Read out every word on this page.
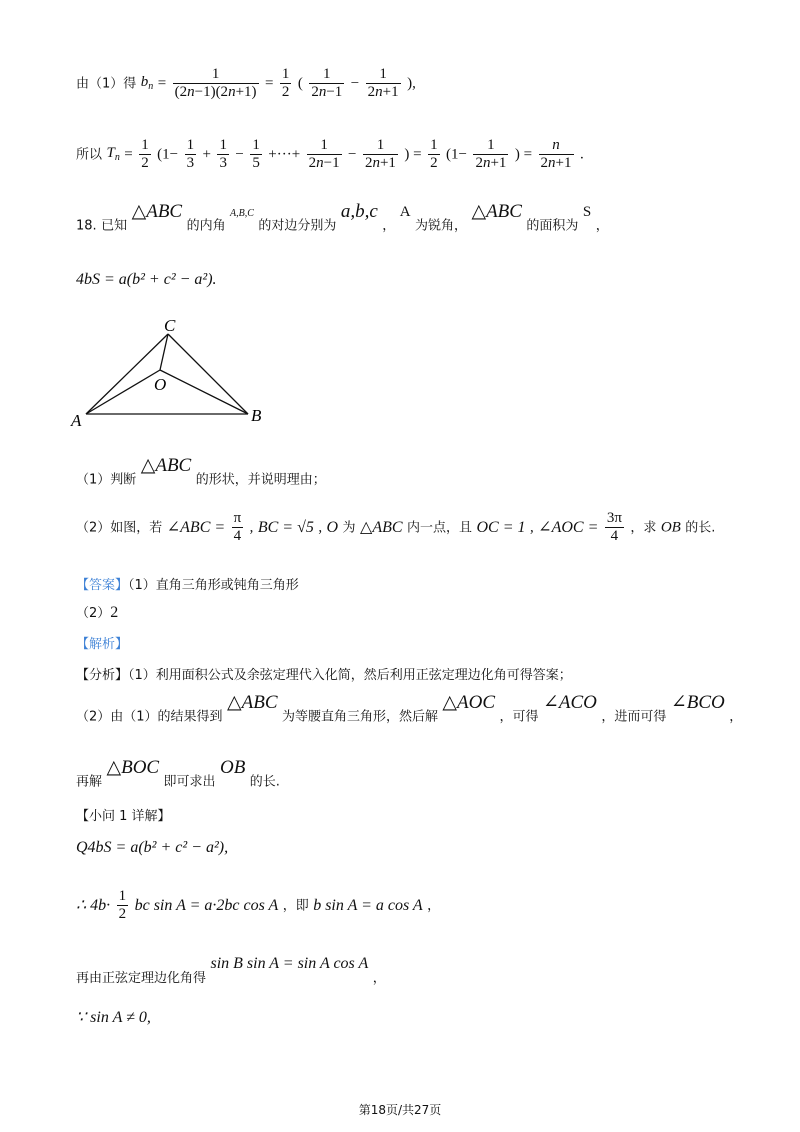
由（1）得 $b_n = \frac{1}{(2n-1)(2n+1)} = \frac{1}{2}$ ( $\frac{1}{2n-1} - \frac{1}{2n+1}$ ),
所以 $T_n = \frac{1}{2} (1- \frac{1}{3} + \frac{1}{3} - \frac{1}{5}$ +···+ $\frac{1}{2n-1} - \frac{1}{2n+1}$ ) = $\frac{1}{2} (1- \frac{1}{2n+1}$ ) = $\frac{n}{2n+1}$ .
18. 已知 △ABC 的内角 $^{A,B,C}$ 的对边分别为 a,b,c ， A 为锐角， △ABC 的面积为 S ，
4bS = a(b² + c² − a²).
C
O
A	B
（1）判断 △ABC 的形状，并说明理由；
（2）如图，若 ∠ABC = $\frac{\pi}{4}$ , BC = √5 , O 为 △ABC 内一点，且 OC = 1 , ∠AOC = $\frac{3\pi}{4}$ ，求 OB 的长.
【答案】（1）直角三角形或钝角三角形
（2）2
【解析】
【分析】（1）利用面积公式及余弦定理代入化简，然后利用正弦定理边化角可得答案；
（2）由（1）的结果得到 △ABC 为等腰直角三角形，然后解 △AOC ，可得 ∠ACO ，进而可得 ∠BCO ，
再解 △BOC 即可求出 OB 的长.
【小问 1 详解】
Q4bS = a(b² + c² − a²),
∴ $4b\cdot \frac{1}{2}$ bc sin A = a·2bc cos A ，即 b sin A = a cos A ，
再由正弦定理边化角得 sin B sin A = sin A cos A ，
∵ sin A ≠ 0,
第18页/共27页
